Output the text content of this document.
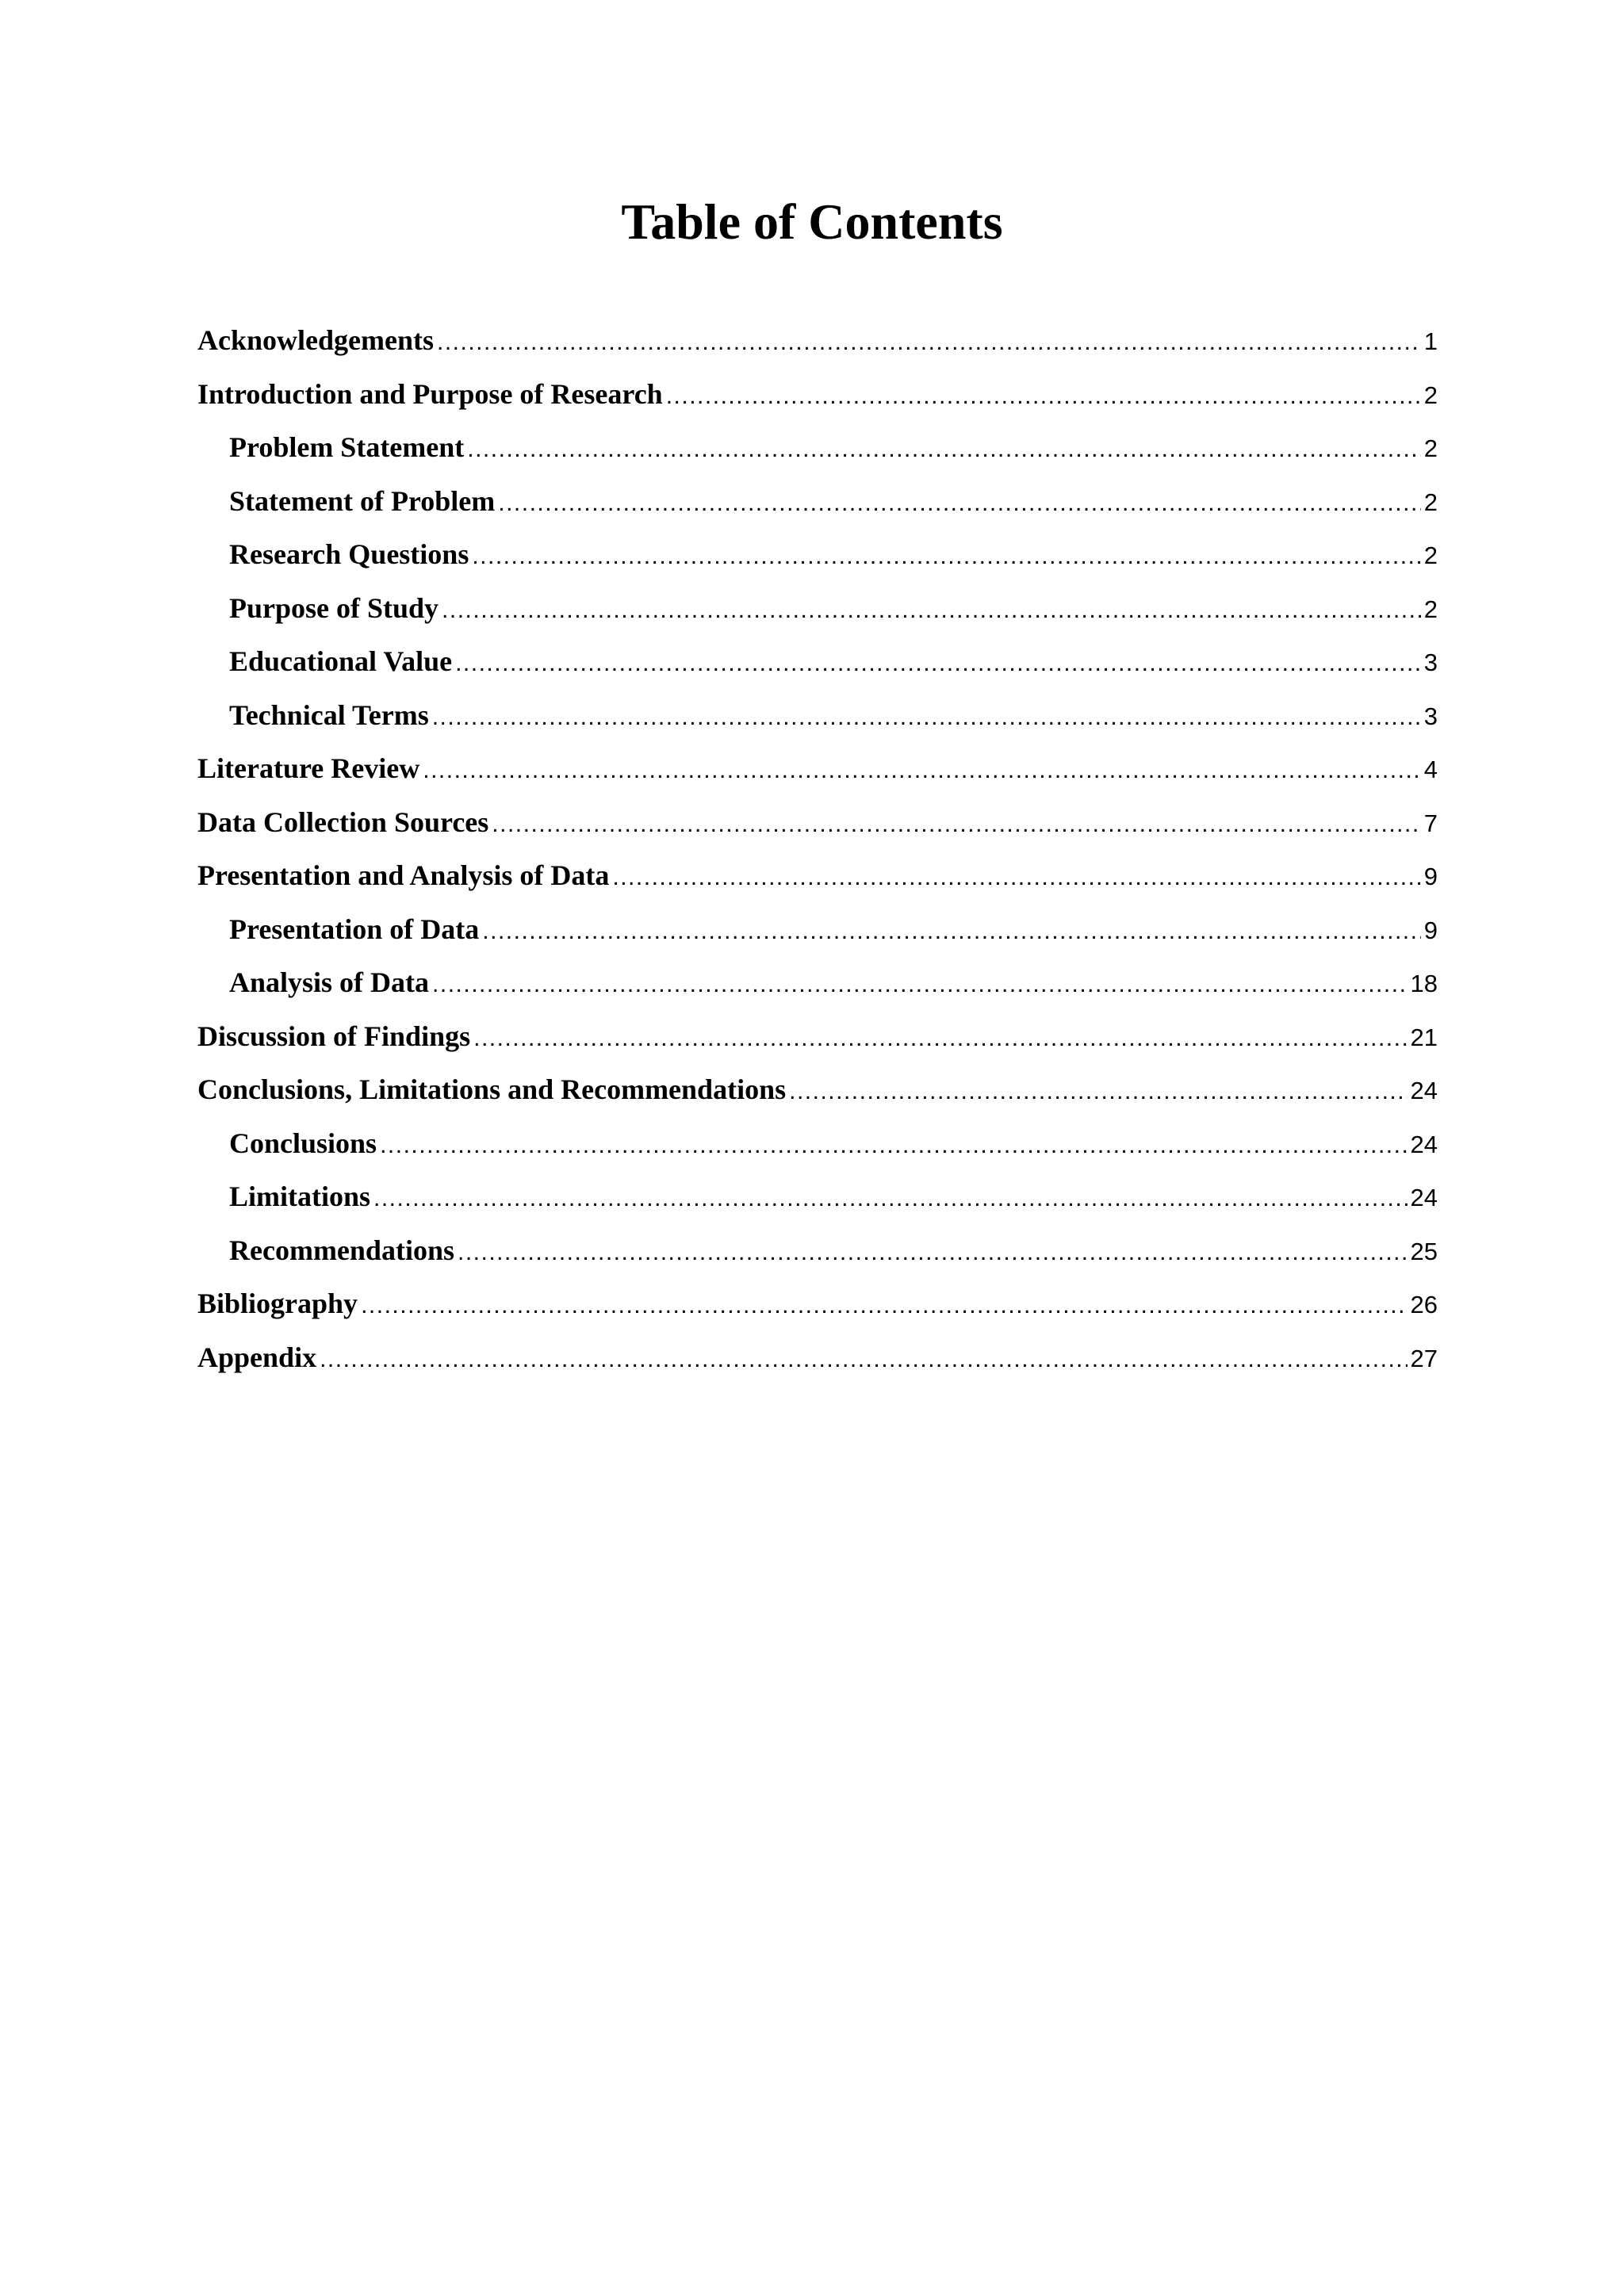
Table of Contents
Acknowledgements .....	1
Introduction and Purpose of Research .....	2
Problem Statement .....	2
Statement of Problem .....	2
Research Questions .....	2
Purpose of Study .....	2
Educational Value .....	3
Technical Terms .....	3
Literature Review .....	4
Data Collection Sources .....	7
Presentation and Analysis of Data .....	9
Presentation of Data .....	9
Analysis of Data .....	18
Discussion of Findings .....	21
Conclusions, Limitations and Recommendations .....	24
Conclusions .....	24
Limitations .....	24
Recommendations .....	25
Bibliography .....	26
Appendix .....	27
